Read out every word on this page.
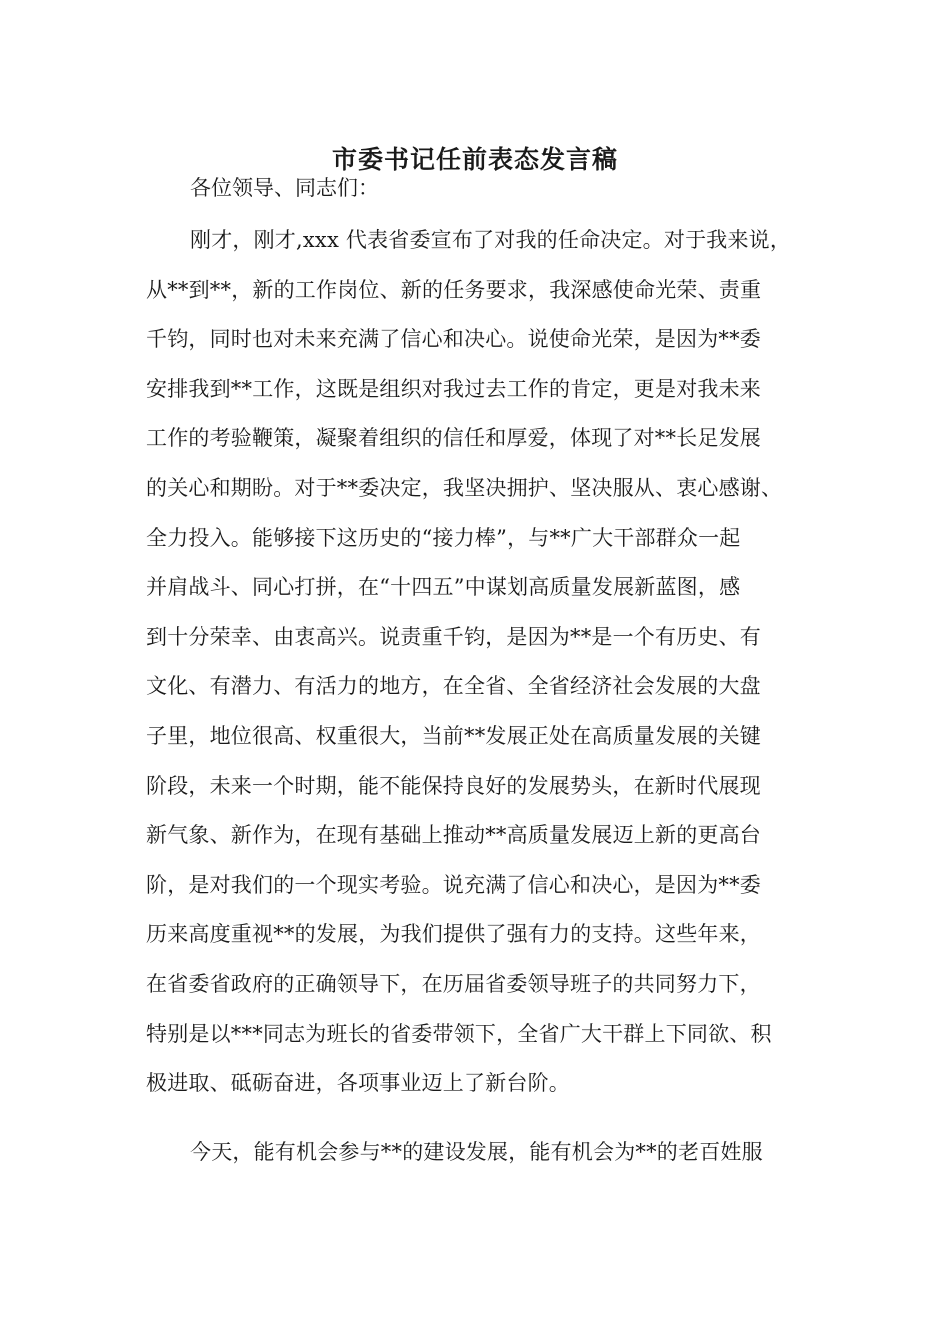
市委书记任前表态发言稿
各位领导、同志们：
刚才，刚才,xxx 代表省委宣布了对我的任命决定。对于我来说，
从**到**，新的工作岗位、新的任务要求，我深感使命光荣、责重
千钧，同时也对未来充满了信心和决心。说使命光荣，是因为**委
安排我到**工作，这既是组织对我过去工作的肯定，更是对我未来
工作的考验鞭策，凝聚着组织的信任和厚爱，体现了对**长足发展
的关心和期盼。对于**委决定，我坚决拥护、坚决服从、衷心感谢、
全力投入。能够接下这历史的“接力棒”，与**广大干部群众一起
并肩战斗、同心打拼，在“十四五”中谋划高质量发展新蓝图，感
到十分荣幸、由衷高兴。说责重千钧，是因为**是一个有历史、有
文化、有潜力、有活力的地方，在全省、全省经济社会发展的大盘
子里，地位很高、权重很大，当前**发展正处在高质量发展的关键
阶段，未来一个时期，能不能保持良好的发展势头，在新时代展现
新气象、新作为，在现有基础上推动**高质量发展迈上新的更高台
阶，是对我们的一个现实考验。说充满了信心和决心，是因为**委
历来高度重视**的发展，为我们提供了强有力的支持。这些年来，
在省委省政府的正确领导下，在历届省委领导班子的共同努力下，
特别是以***同志为班长的省委带领下，全省广大干群上下同欲、积
极进取、砥砺奋进，各项事业迈上了新台阶。
今天，能有机会参与**的建设发展，能有机会为**的老百姓服
